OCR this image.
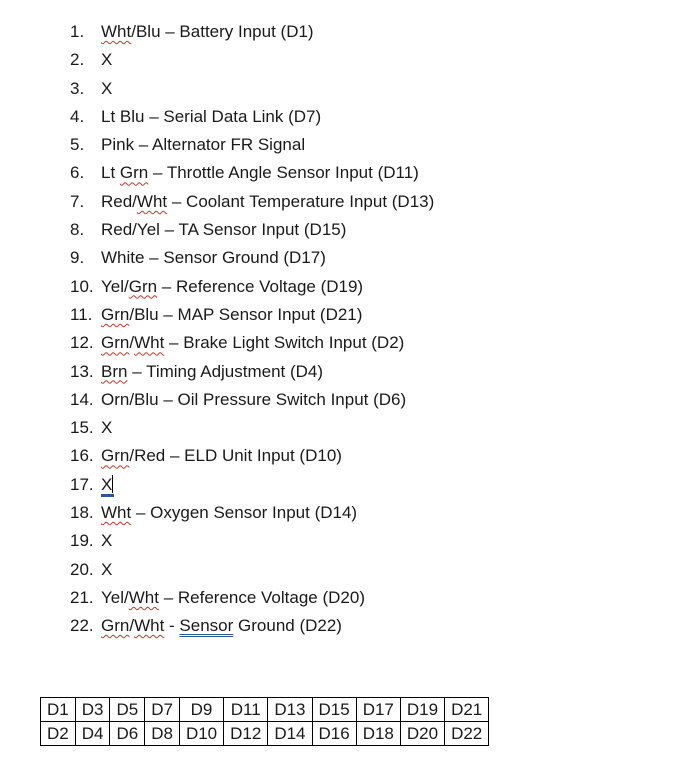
1. Wht/Blu – Battery Input (D1)
2. X
3. X
4. Lt Blu – Serial Data Link (D7)
5. Pink – Alternator FR Signal
6. Lt Grn – Throttle Angle Sensor Input (D11)
7. Red/Wht – Coolant Temperature Input (D13)
8. Red/Yel – TA Sensor Input (D15)
9. White – Sensor Ground (D17)
10. Yel/Grn – Reference Voltage (D19)
11. Grn/Blu – MAP Sensor Input (D21)
12. Grn/Wht – Brake Light Switch Input (D2)
13. Brn – Timing Adjustment (D4)
14. Orn/Blu – Oil Pressure Switch Input (D6)
15. X
16. Grn/Red – ELD Unit Input (D10)
17. X
18. Wht – Oxygen Sensor Input (D14)
19. X
20. X
21. Yel/Wht – Reference Voltage (D20)
22. Grn/Wht - Sensor Ground (D22)
D1	D3	D5	D7	D9	D11	D13	D15	D17	D19	D21
D2	D4	D6	D8	D10	D12	D14	D16	D18	D20	D22
